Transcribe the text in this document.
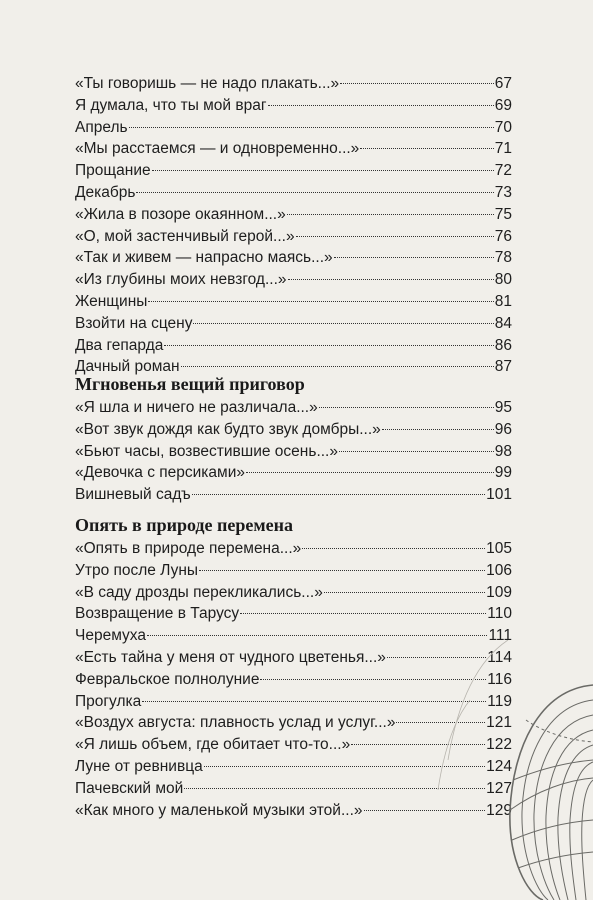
«Ты говоришь — не надо плакать...»	67
Я думала, что ты мой враг	69
Апрель	70
«Мы расстаемся — и одновременно...»	71
Прощание	72
Декабрь	73
«Жила в позоре окаянном...»	75
«О, мой застенчивый герой...»	76
«Так и живем — напрасно маясь...»	78
«Из глубины моих невзгод...»	80
Женщины	81
Взойти на сцену	84
Два гепарда	86
Дачный роман	87
Мгновенья вещий приговор
«Я шла и ничего не различала...»	95
«Вот звук дождя как будто звук домбры...»	96
«Бьют часы, возвестившие осень...»	98
«Девочка с персиками»	99
Вишневый садъ	101
Опять в природе перемена
«Опять в природе перемена...»	105
Утро после Луны	106
«В саду дрозды перекликались...»	109
Возвращение в Тарусу	110
Черемуха	111
«Есть тайна у меня от чудного цветенья...»	114
Февральское полнолуние	116
Прогулка	119
«Воздух августа: плавность услад и услуг...»	121
«Я лишь объем, где обитает что-то...»	122
Луне от ревнивца	124
Пачевский мой	127
«Как много у маленькой музыки этой...»	129
